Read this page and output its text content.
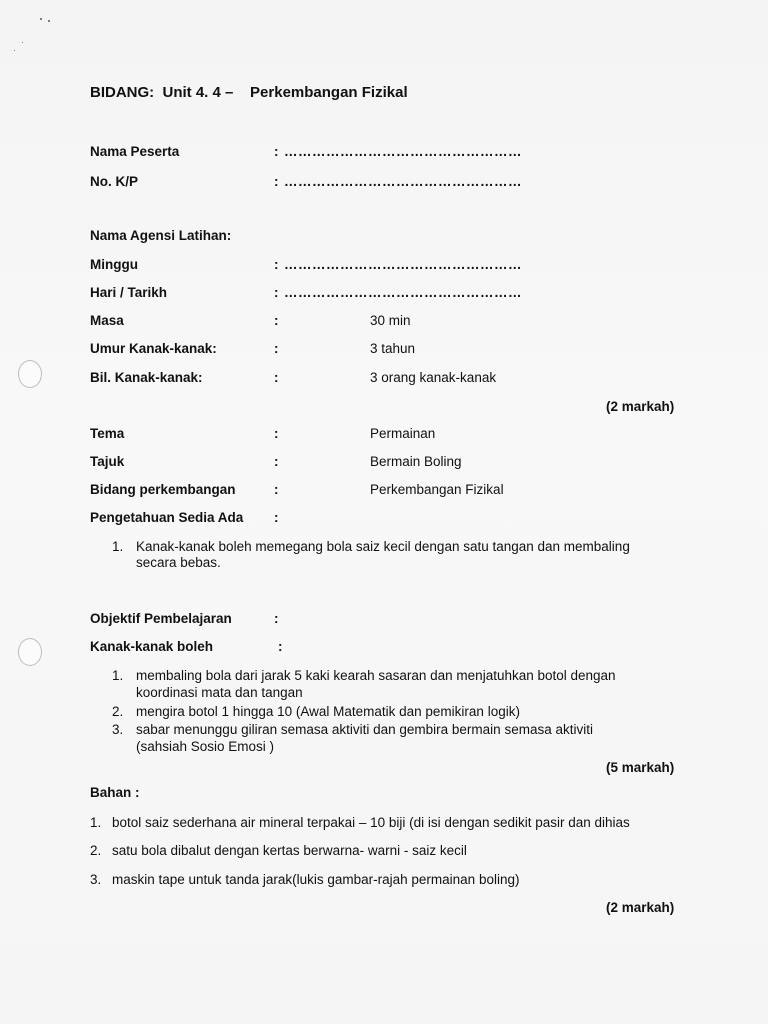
BIDANG: Unit 4. 4 – Perkembangan Fizikal
Nama Peserta	: ……………………………………………
No. K/P	: ……………………………………………
Nama Agensi Latihan:
Minggu	: ……………………………………………
Hari / Tarikh	: ……………………………………………
Masa	:	30 min
Umur Kanak-kanak:	:	3 tahun
Bil. Kanak-kanak:	:	3 orang kanak-kanak
(2 markah)
Tema	:	Permainan
Tajuk	:	Bermain Boling
Bidang perkembangan	:	Perkembangan Fizikal
Pengetahuan Sedia Ada :
1. Kanak-kanak boleh memegang bola saiz kecil dengan satu tangan dan membaling
secara bebas.
Objektif Pembelajaran	:
Kanak-kanak boleh	:
1. membaling bola dari jarak 5 kaki kearah sasaran dan menjatuhkan botol dengan
koordinasi mata dan tangan
2. mengira botol 1 hingga 10 (Awal Matematik dan pemikiran logik)
3. sabar menunggu giliran semasa aktiviti dan gembira bermain semasa aktiviti
(sahsiah Sosio Emosi )
(5 markah)
Bahan :
1. botol saiz sederhana air mineral terpakai – 10 biji (di isi dengan sedikit pasir dan dihias
2. satu bola dibalut dengan kertas berwarna- warni - saiz kecil
3. maskin tape untuk tanda jarak(lukis gambar-rajah permainan boling)
(2 markah)
